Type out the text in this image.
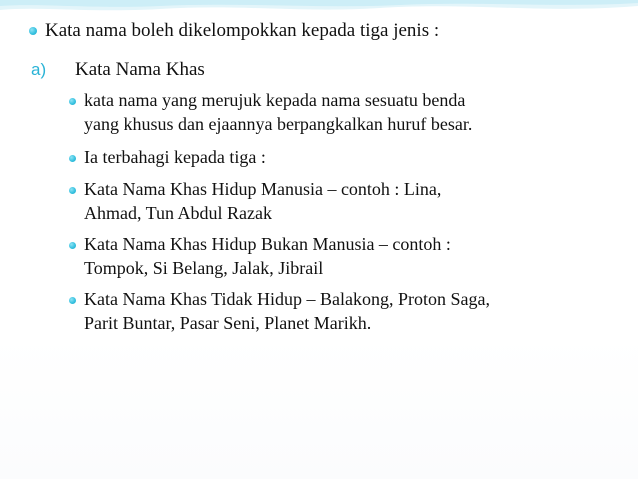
Kata nama boleh dikelompokkan kepada tiga jenis :
a) Kata Nama Khas
kata nama yang merujuk kepada nama sesuatu benda
yang khusus dan ejaannya berpangkalkan huruf besar.
Ia terbahagi kepada tiga :
Kata Nama Khas Hidup Manusia – contoh : Lina,
Ahmad, Tun Abdul Razak
Kata Nama Khas Hidup Bukan Manusia – contoh :
Tompok, Si Belang, Jalak, Jibrail
Kata Nama Khas Tidak Hidup – Balakong, Proton Saga,
Parit Buntar, Pasar Seni, Planet Marikh.
